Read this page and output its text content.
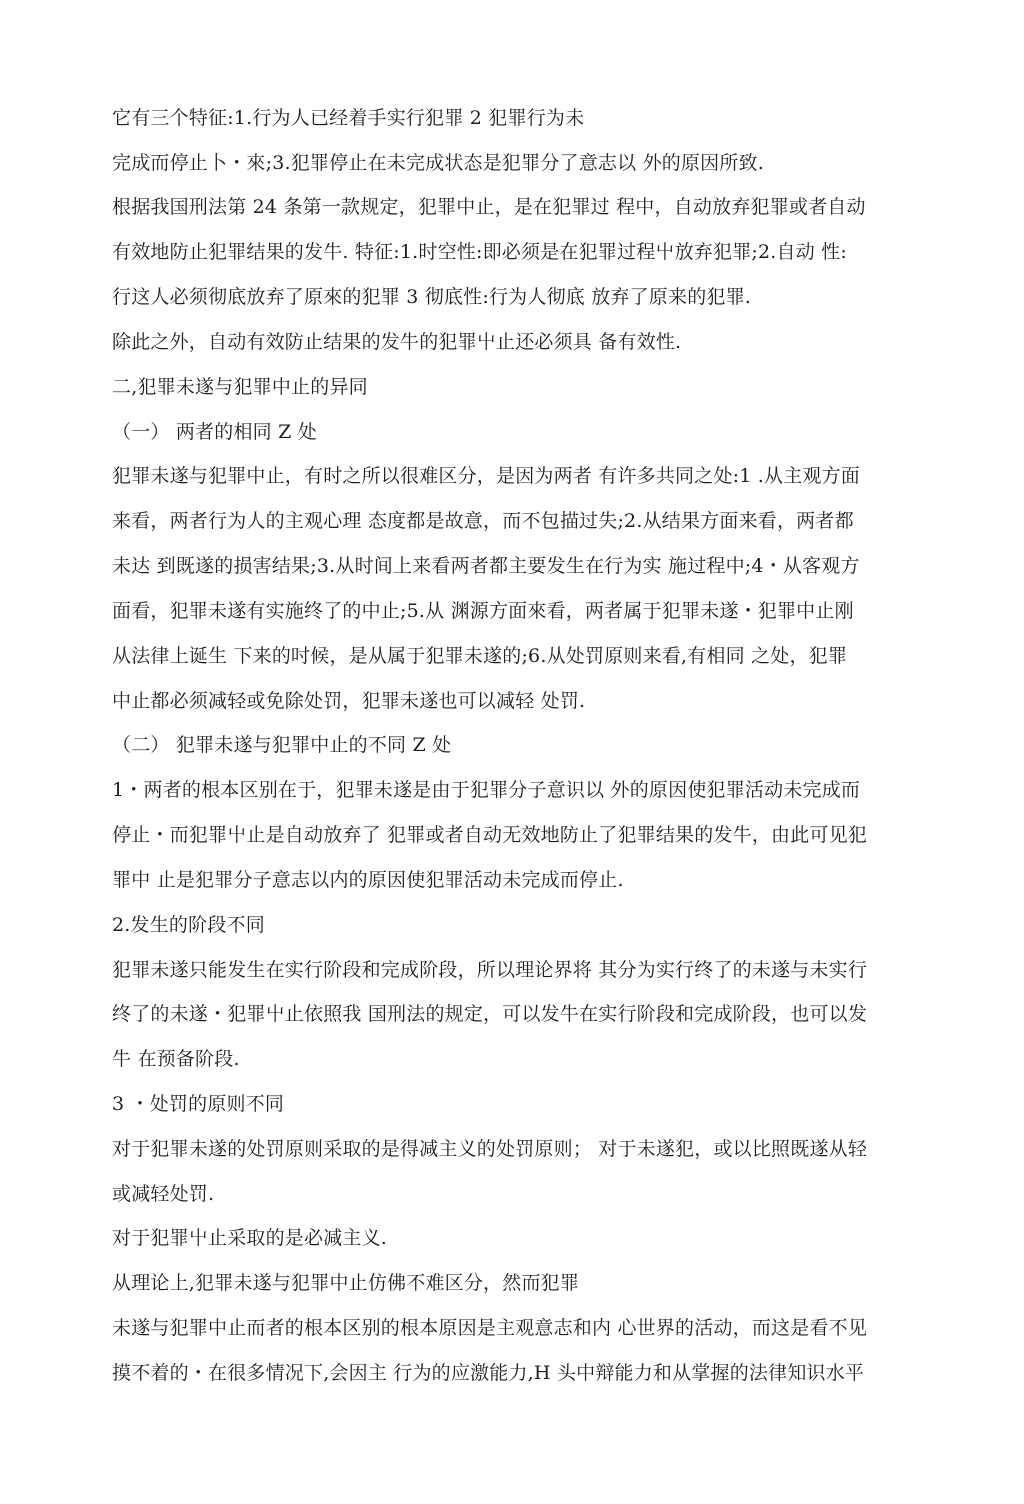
它有三个特征:1.行为人已经着手实行犯罪 2 犯罪行为未

完成而停止卜・來;3.犯罪停止在未完成状态是犯罪分了意志以 外的原因所致.

根据我国刑法第 24 条第一款规定，犯罪中止，是在犯罪过 程中，自动放弃犯罪或者自动

有效地防止犯罪结果的发牛. 特征:1.时空性:即必须是在犯罪过程屮放弃犯罪;2.自动 性:

行这人必须彻底放弃了原來的犯罪 3 彻底性:行为人彻底 放弃了原来的犯罪.

除此之外，自动有效防止结果的发牛的犯罪屮止还必须具 备有效性.

二,犯罪未遂与犯罪中止的异同

（一） 两者的相同 Z 处

犯罪未遂与犯罪中止，有时之所以很难区分，是因为两者 有许多共同之处:1 .从主观方面

来看，两者行为人的主观心理 态度都是故意，而不包描过失;2.从结果方面来看，两者都

未达 到既遂的损害结果;3.从时间上来看两者都主要发生在行为实 施过程中;4・从客观方

面看，犯罪未遂有实施终了的中止;5.从 渊源方面來看，两者属于犯罪未遂・犯罪中止刚

从法律上诞生 下来的吋候，是从属于犯罪未遂的;6.从处罚原则来看,有相同 之处，犯罪

中止都必须减轻或免除处罚，犯罪未遂也可以减轻 处罚.

（二） 犯罪未遂与犯罪中止的不同 Z 处

1・两者的根本区别在于，犯罪未遂是由于犯罪分子意识以 外的原因使犯罪活动未完成而

停止・而犯罪屮止是自动放弃了 犯罪或者自动无效地防止了犯罪结果的发牛，由此可见犯

罪中 止是犯罪分子意志以内的原因使犯罪活动未完成而停止.

2.发生的阶段不同

犯罪未遂只能发生在实行阶段和完成阶段，所以理论界将 其分为实行终了的未遂与未实行

终了的未遂・犯罪屮止依照我 国刑法的规定，可以发牛在实行阶段和完成阶段，也可以发

牛 在预备阶段.

3 ・处罚的原则不同

对于犯罪未遂的处罚原则采取的是得减主义的处罚原则； 对于未遂犯，或以比照既遂从轻

或减轻处罚.

对于犯罪屮止采取的是必减主义.

从理论上,犯罪未遂与犯罪中止仿佛不难区分，然而犯罪

未遂与犯罪中止而者的根本区别的根本原因是主观意志和内 心世界的活动，而这是看不见

摸不着的・在很多情况下,会因主 行为的应激能力,H 头中辩能力和从掌握的法律知识水平
